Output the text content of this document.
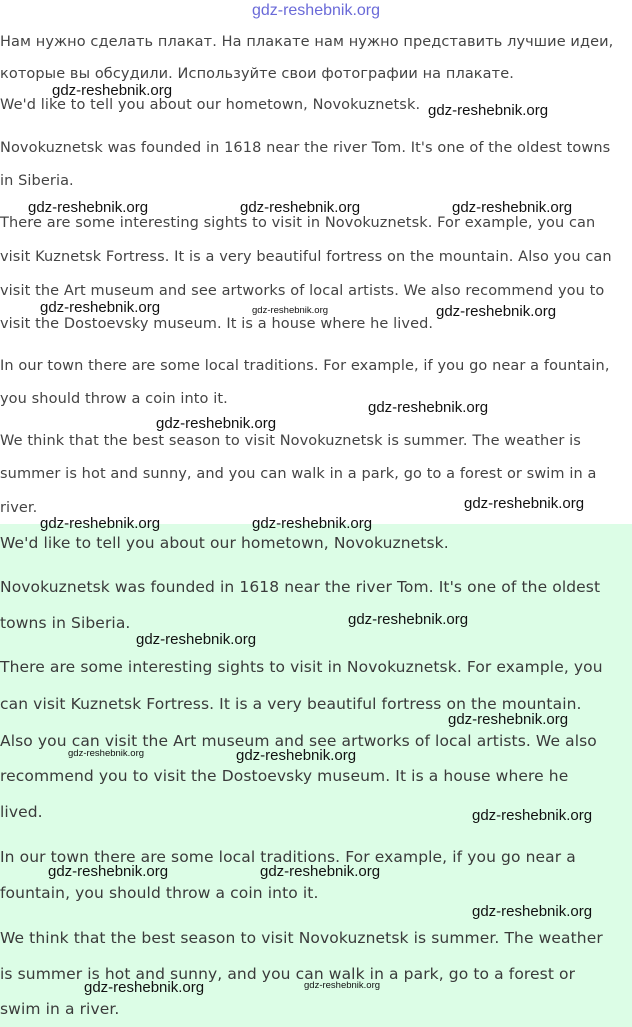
gdz-reshebnik.org
Нам нужно сделать плакат. На плакате нам нужно представить лучшие идеи,
которые вы обсудили. Используйте свои фотографии на плакате.
We'd like to tell you about our hometown, Novokuznetsk.
Novokuznetsk was founded in 1618 near the river Tom. It's one of the oldest towns
in Siberia.
There are some interesting sights to visit in Novokuznetsk. For example, you can
visit Kuznetsk Fortress. It is a very beautiful fortress on the mountain. Also you can
visit the Art museum and see artworks of local artists. We also recommend you to
visit the Dostoevsky museum. It is a house where he lived.
In our town there are some local traditions. For example, if you go near a fountain,
you should throw a coin into it.
We think that the best season to visit Novokuznetsk is summer. The weather is
summer is hot and sunny, and you can walk in a park, go to a forest or swim in a
river.
We'd like to tell you about our hometown, Novokuznetsk.
Novokuznetsk was founded in 1618 near the river Tom. It's one of the oldest
towns in Siberia.
There are some interesting sights to visit in Novokuznetsk. For example, you
can visit Kuznetsk Fortress. It is a very beautiful fortress on the mountain.
Also you can visit the Art museum and see artworks of local artists. We also
recommend you to visit the Dostoevsky museum. It is a house where he
lived.
In our town there are some local traditions. For example, if you go near a
fountain, you should throw a coin into it.
We think that the best season to visit Novokuznetsk is summer. The weather
is summer is hot and sunny, and you can walk in a park, go to a forest or
swim in a river.
gdz-reshebnik.org
gdz-reshebnik.org
gdz-reshebnik.org	gdz-reshebnik.org	gdz-reshebnik.org
gdz-reshebnik.org	gdz-reshebnik.org	gdz-reshebnik.org
gdz-reshebnik.org
gdz-reshebnik.org
gdz-reshebnik.org
gdz-reshebnik.org	gdz-reshebnik.org
gdz-reshebnik.org
gdz-reshebnik.org
gdz-reshebnik.org
gdz-reshebnik.org	gdz-reshebnik.org
gdz-reshebnik.org
gdz-reshebnik.org	gdz-reshebnik.org
gdz-reshebnik.org
gdz-reshebnik.org	gdz-reshebnik.org
